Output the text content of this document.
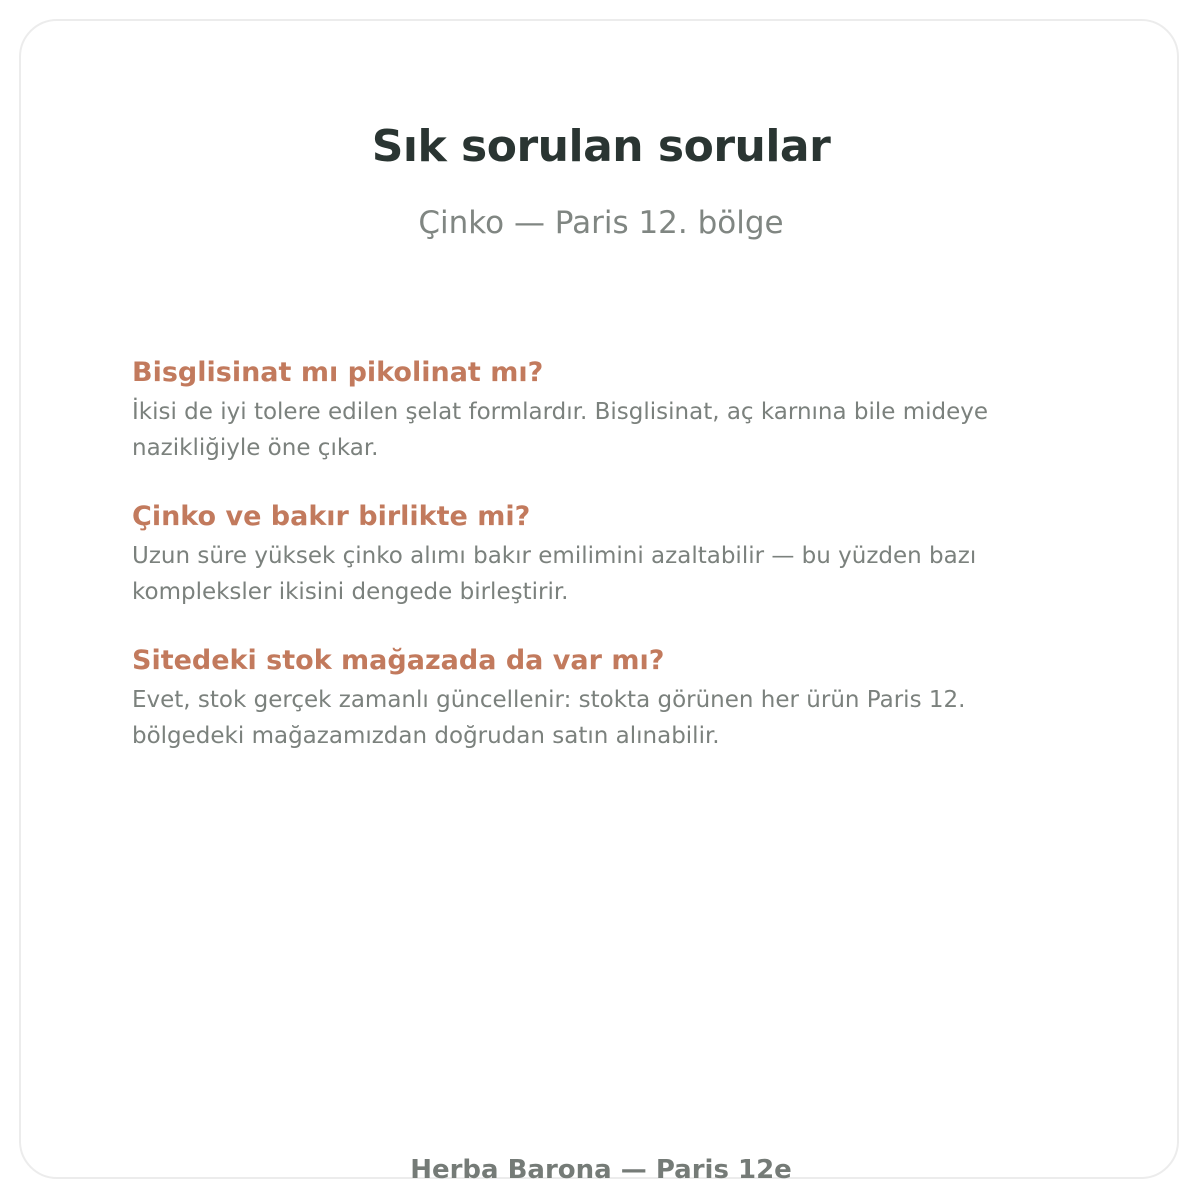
Sık sorulan sorular

Çinko — Paris 12. bölge

Bisglisinat mı pikolinat mı?

İkisi de iyi tolere edilen şelat formlardır. Bisglisinat, aç karnına bile mideye nazikliğiyle öne çıkar.

Çinko ve bakır birlikte mi?

Uzun süre yüksek çinko alımı bakır emilimini azaltabilir — bu yüzden bazı kompleksler ikisini dengede birleştirir.

Sitedeki stok mağazada da var mı?

Evet, stok gerçek zamanlı güncellenir: stokta görünen her ürün Paris 12. bölgedeki mağazamızdan doğrudan satın alınabilir.

Herba Barona — Paris 12e
